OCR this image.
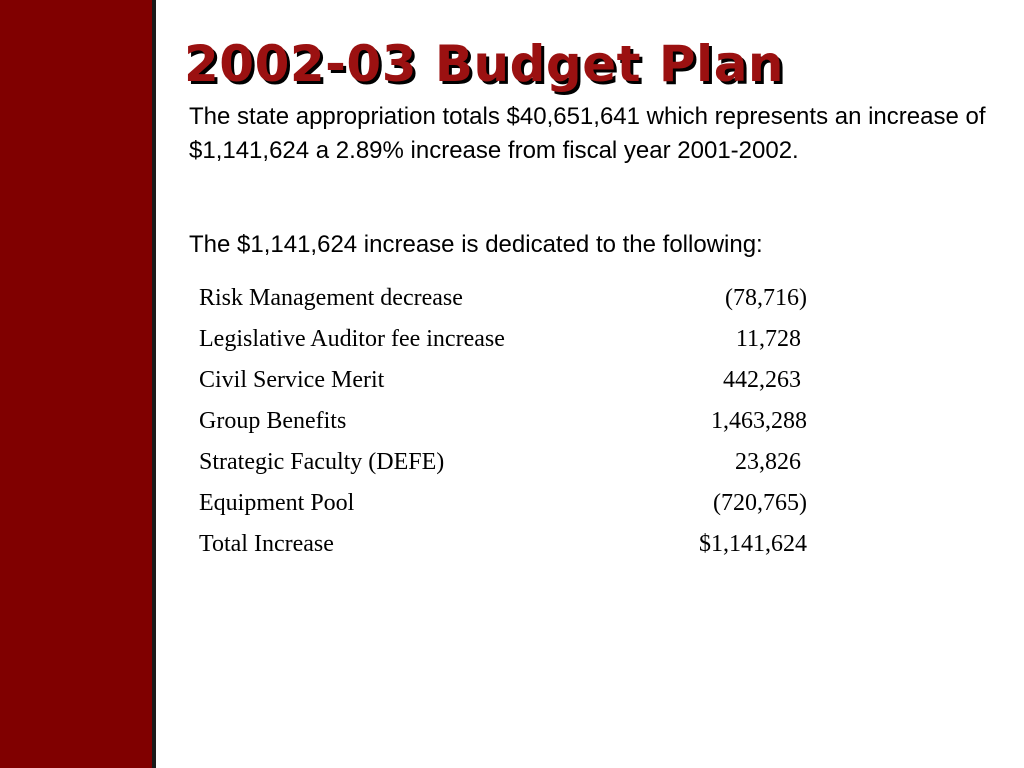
2002-03 Budget Plan

The state appropriation totals $40,651,641 which represents an increase of $1,141,624 a 2.89% increase from fiscal year 2001-2002.

The $1,141,624 increase is dedicated to the following:

Risk Management decrease	(78,716)
Legislative Auditor fee increase	11,728
Civil Service Merit	442,263
Group Benefits	1,463,288
Strategic Faculty (DEFE)	23,826
Equipment Pool	(720,765)
Total Increase	$1,141,624
